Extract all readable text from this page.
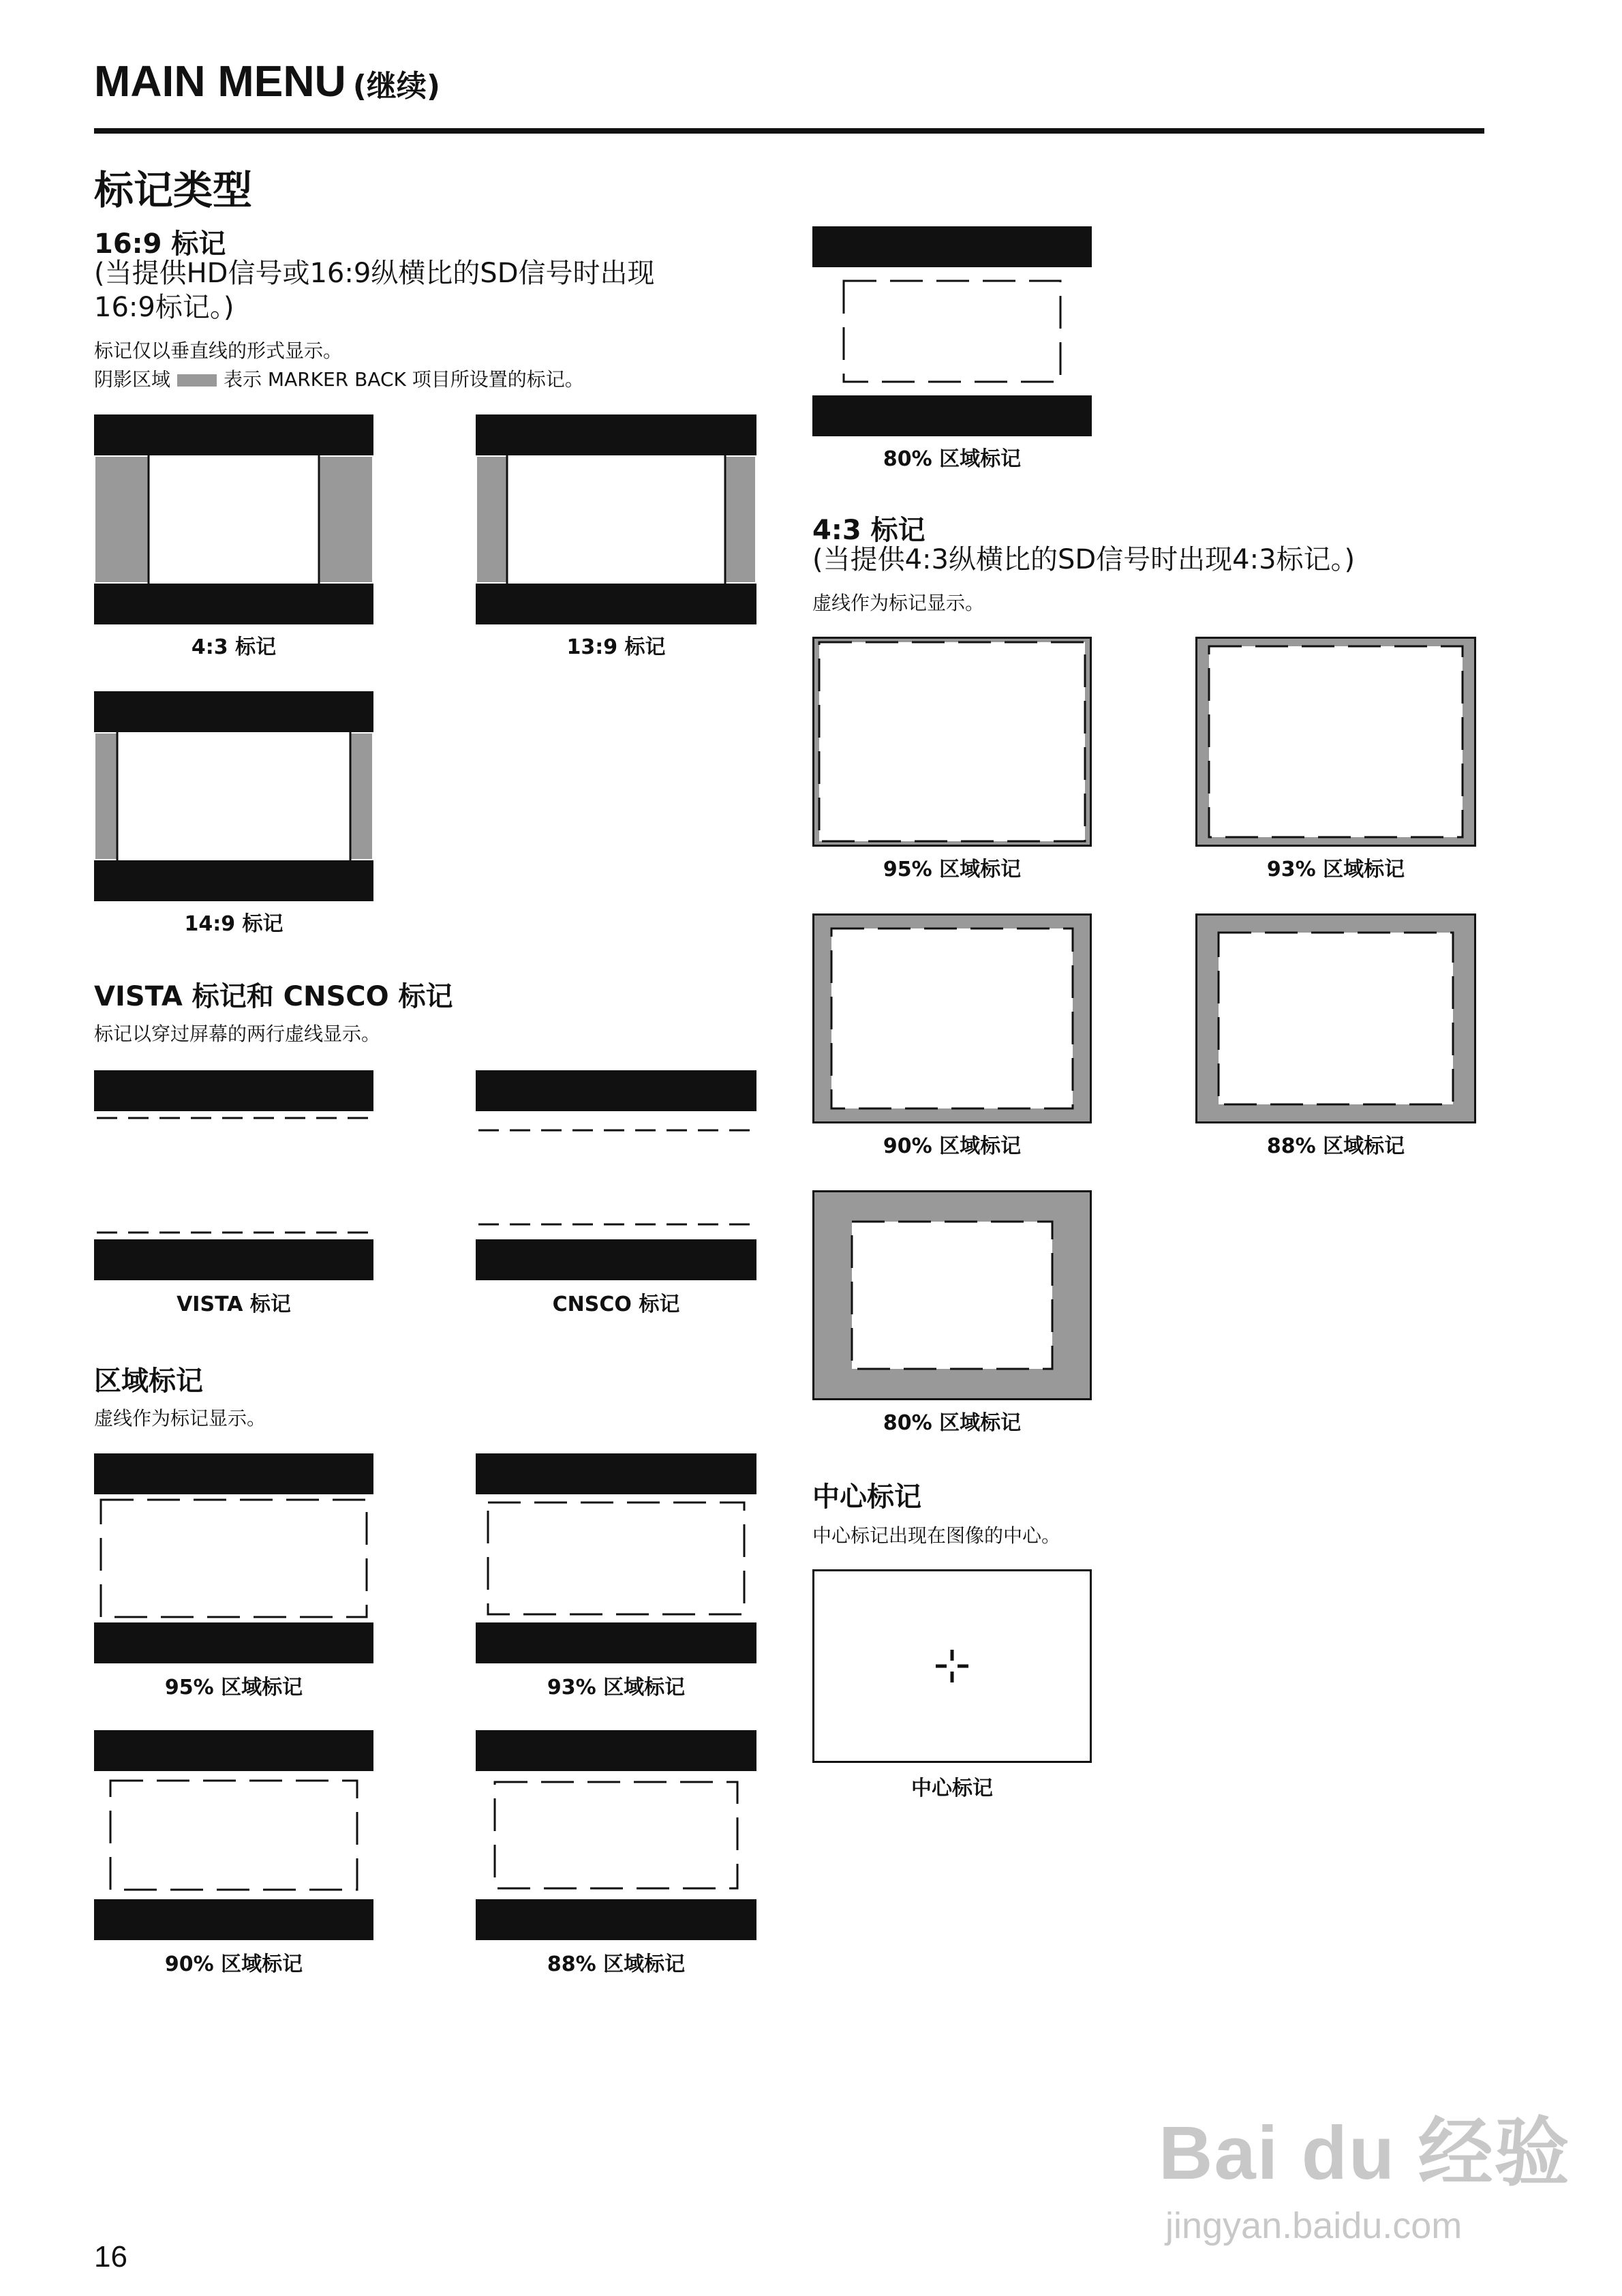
MAIN MENU (继续)
标记类型
16:9 标记
(当提供HD信号或16:9纵横比的SD信号时出现
16:9标记。)
标记仅以垂直线的形式显示。
阴影区域	表示 MARKER BACK 项目所设置的标记。
4:3 标记	13:9 标记
14:9 标记
VISTA 标记和 CNSCO 标记
标记以穿过屏幕的两行虚线显示。
VISTA 标记	CNSCO 标记
区域标记
虚线作为标记显示。
95% 区域标记	93% 区域标记
90% 区域标记	88% 区域标记
80% 区域标记
4:3 标记
(当提供4:3纵横比的SD信号时出现4:3标记。)
虚线作为标记显示。
95% 区域标记	93% 区域标记
90% 区域标记	88% 区域标记
80% 区域标记
中心标记
中心标记出现在图像的中心。
中心标记
16
Bai du 经验
jingyan.baidu.com
